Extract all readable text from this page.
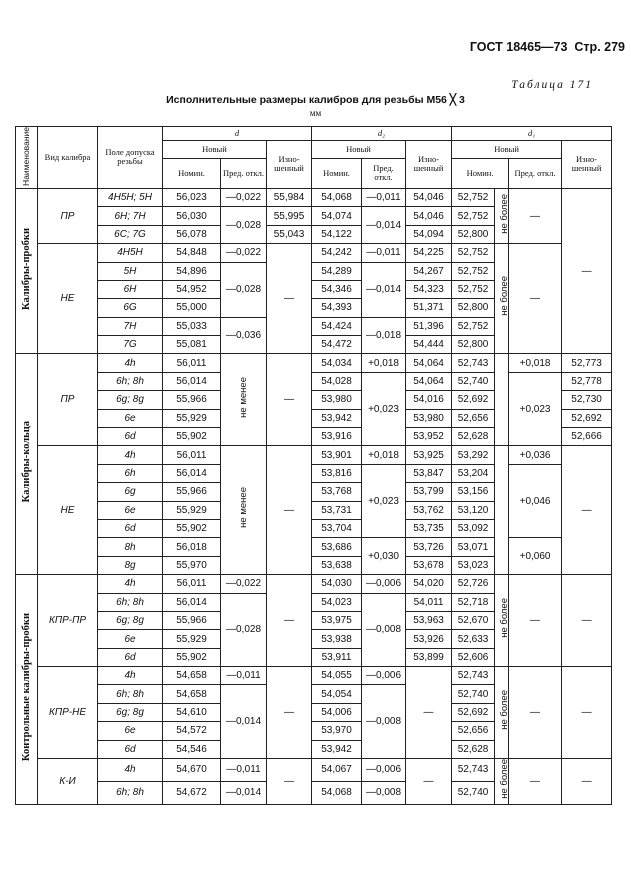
ГОСТ 18465—73 Стр. 279
Таблица 171
Исполнительные размеры калибров для резьбы М56 ╳ 3
мм
Наименование	Вид калибра	Поле допуска резьбы	d			d₂			d₁			
			Новый		Изно- шенный	Новый		Изно- шенный	Новый			Изно- шенный
			Номин.	Пред. откл.		Номин.	Пред. откл.		Номин.		Пред. откл.	
Калибры-пробки	ПР	4H5H; 5H	56,023	—0,022	55,984	54,068	—0,011	54,046	52,752	не более	—	—
		6H; 7H	56,030	—0,028	55,995	54,074	—0,014	54,046	52,752			
		6C; 7G	56,078		55,043	54,122		54,094	52,800			
	НЕ	4H5H	54,848	—0,022	—	54,242	—0,011	54,225	52,752	не более	—	
		5H	54,896	—0,028		54,289	—0,014	54,267	52,752			
		6H	54,952			54,346		54,323	52,752			
		6G	55,000			54,393		51,371	52,800			
		7H	55,033	—0,036		54,424	—0,018	51,396	52,752			
		7G	55,081			54,472		54,444	52,800			
Калибры-кольца	ПР	4h	56,011	не менее	—	54,034	+0,018	54,064	52,743		+0,018	52,773
		6h; 8h	56,014			54,028	+0,023	54,064	52,740		+0,023	52,778
		6g; 8g	55,966			53,980		54,016	52,692			52,730
		6e	55,929			53,942		53,980	52,656			52,692
		6d	55,902			53,916		53,952	52,628			52,666
	НЕ	4h	56,011	не менее	—	53,901	+0,018	53,925	53,292		+0,036	—
		6h	56,014			53,816	+0,023	53,847	53,204		+0,046	
		6g	55,966			53,768		53,799	53,156			
		6e	55,929			53,731		53,762	53,120			
		6d	55,902			53,704		53,735	53,092			
		8h	56,018			53,686	+0,030	53,726	53,071		+0,060	
		8g	55,970			53,638		53,678	53,023			
Контрольные калибры-пробки	КПР-ПР	4h	56,011	—0,022	—	54,030	—0,006	54,020	52,726	не более	—	—
		6h; 8h	56,014	—0,028		54,023	—0,008	54,011	52,718			
		6g; 8g	55,966			53,975		53,963	52,670			
		6e	55,929			53,938		53,926	52,633			
		6d	55,902			53,911		53,899	52,606			
	КПР-НЕ	4h	54,658	—0,011	—	54,055	—0,006	—	52,743	не более	—	—
		6h; 8h	54,658	—0,014		54,054	—0,008		52,740			
		6g; 8g	54,610			54,006			52,692			
		6e	54,572			53,970			52,656			
		6d	54,546			53,942			52,628			
	К-И	4h	54,670	—0,011	—	54,067	—0,006	—	52,743	не более	—	—
		6h; 8h	54,672	—0,014		54,068	—0,008		52,740			
